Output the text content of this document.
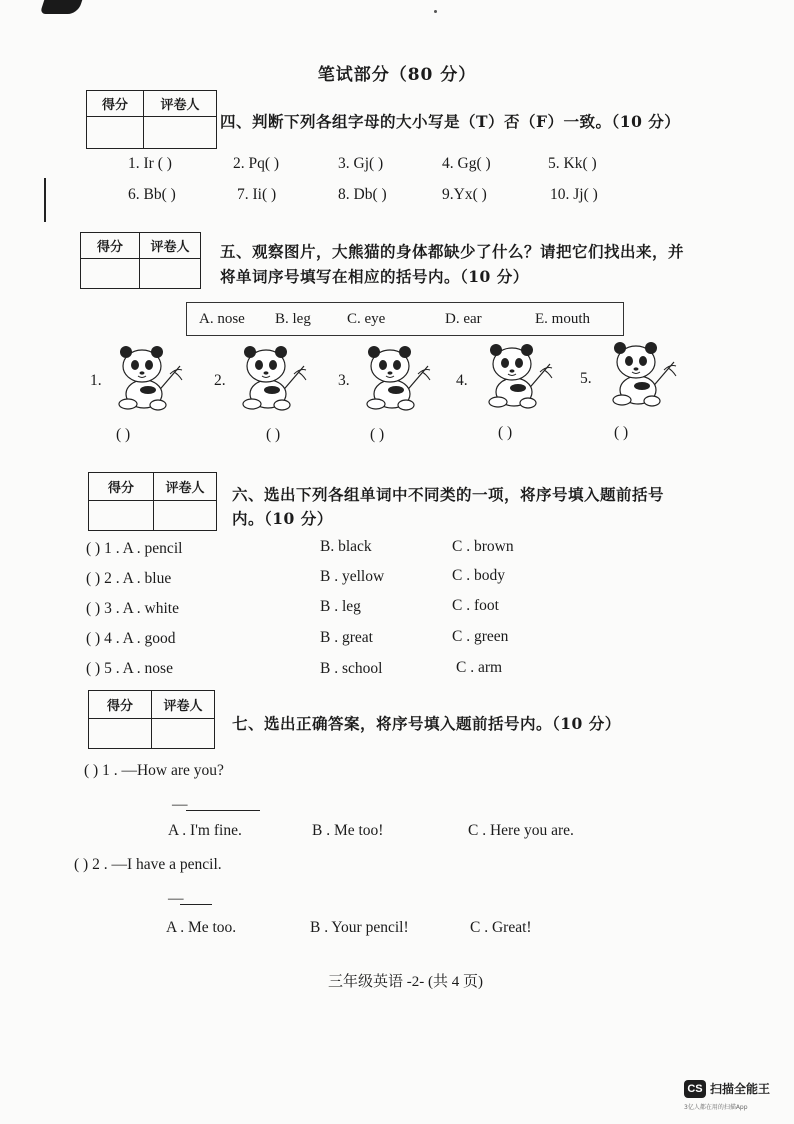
笔试部分（80 分）
得分	评卷人

四、判断下列各组字母的大小写是（T）否（F）一致。（10 分）
1. Ir ( )	2. Pq( )	3. Gj( )	4. Gg( )	5. Kk( )
6. Bb( )	7. Ii( )	8. Db( )	9.Yx( )	10. Jj( )
得分	评卷人
	五、观察图片，大熊猫的身体都缺少了什么？请把它们找出来，并
将单词序号填写在相应的括号内。（10 分）
A. nose B. leg C. eye	D. ear	E. mouth
1.
( )
2.
( )
3.
( )
4.
( )
5.
( )
得分	评卷人
	六、选出下列各组单词中不同类的一项，将序号填入题前括号
内。（10 分）
( ) 1 . A . pencil	B. black	C . brown
( ) 2 . A . blue	B . yellow	C . body
( ) 3 . A . white	B . leg	C . foot
( ) 4 . A . good	B . great	C . green
( ) 5 . A . nose	B . school	C . arm
得分	评卷人

七、选出正确答案，将序号填入题前括号内。（10 分）
( ) 1 . —How are you?
—
A . I'm fine.	B . Me too!	C . Here you are.
( ) 2 . —I have a pencil.
—
A . Me too.	B . Your pencil!	C . Great!
三年级英语 -2- (共 4 页)
CS 扫描全能王
3亿人都在用的扫描App
